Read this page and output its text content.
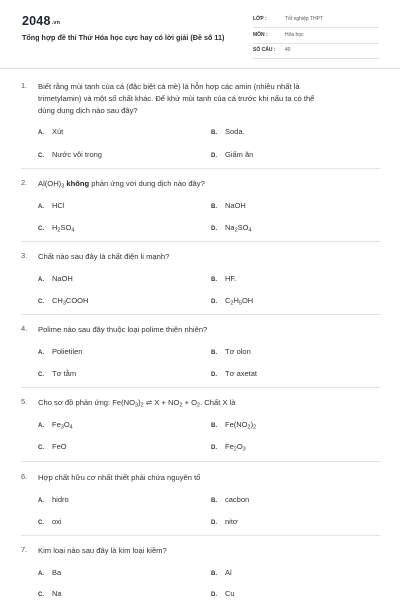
2048.vn
Tổng hợp đề thi Thử Hóa học cực hay có lời giải (Đề số 11)
LỚP :	Tốt nghiệp THPT
MÔN :	Hóa học
SỐ CÂU : 40
1. Biết rằng mùi tanh của cá (đặc biệt cá mè) là hỗn hợp các amin (nhiều nhất là
trimetylamin) và một số chất khác. Để khử mùi tanh của cá trước khi nấu ta có thể
dùng dung dịch nào sau đây?
A. Xút	B. Soda.
C. Nước vôi trong	D. Giấm ăn
2. $Al(OH)_3$ không phản ứng với dung dịch nào đây?
A. HCl	B. NaOH
C. $H_2SO_4$	D. $Na_2SO_4$
3. Chất nào sau đây là chất điện li mạnh?
A. NaOH	B. HF.
C. $CH_3COOH$	D. $C_2H_5OH$
4. Polime nào sau đây thuộc loại polime thiên nhiên?
A. Polietilen	B. Tơ olon
C. Tơ tằm	D. Tơ axetat
5. Cho sơ đồ phản ứng: $Fe(NO_3)_2$ ⇌ $X + NO_2 + O_2$. Chất X là
A. $Fe_3O_4$	B. $Fe(NO_2)_2$
C. FeO	D. $Fe_2O_3$
6. Hợp chất hữu cơ nhất thiết phải chứa nguyên tố
A. hidro	B. cacbon
C. oxi	D. nitơ
7. Kim loại nào sau đây là kim loại kiềm?
A. Ba	B. Al
C. Na	D. Cu
